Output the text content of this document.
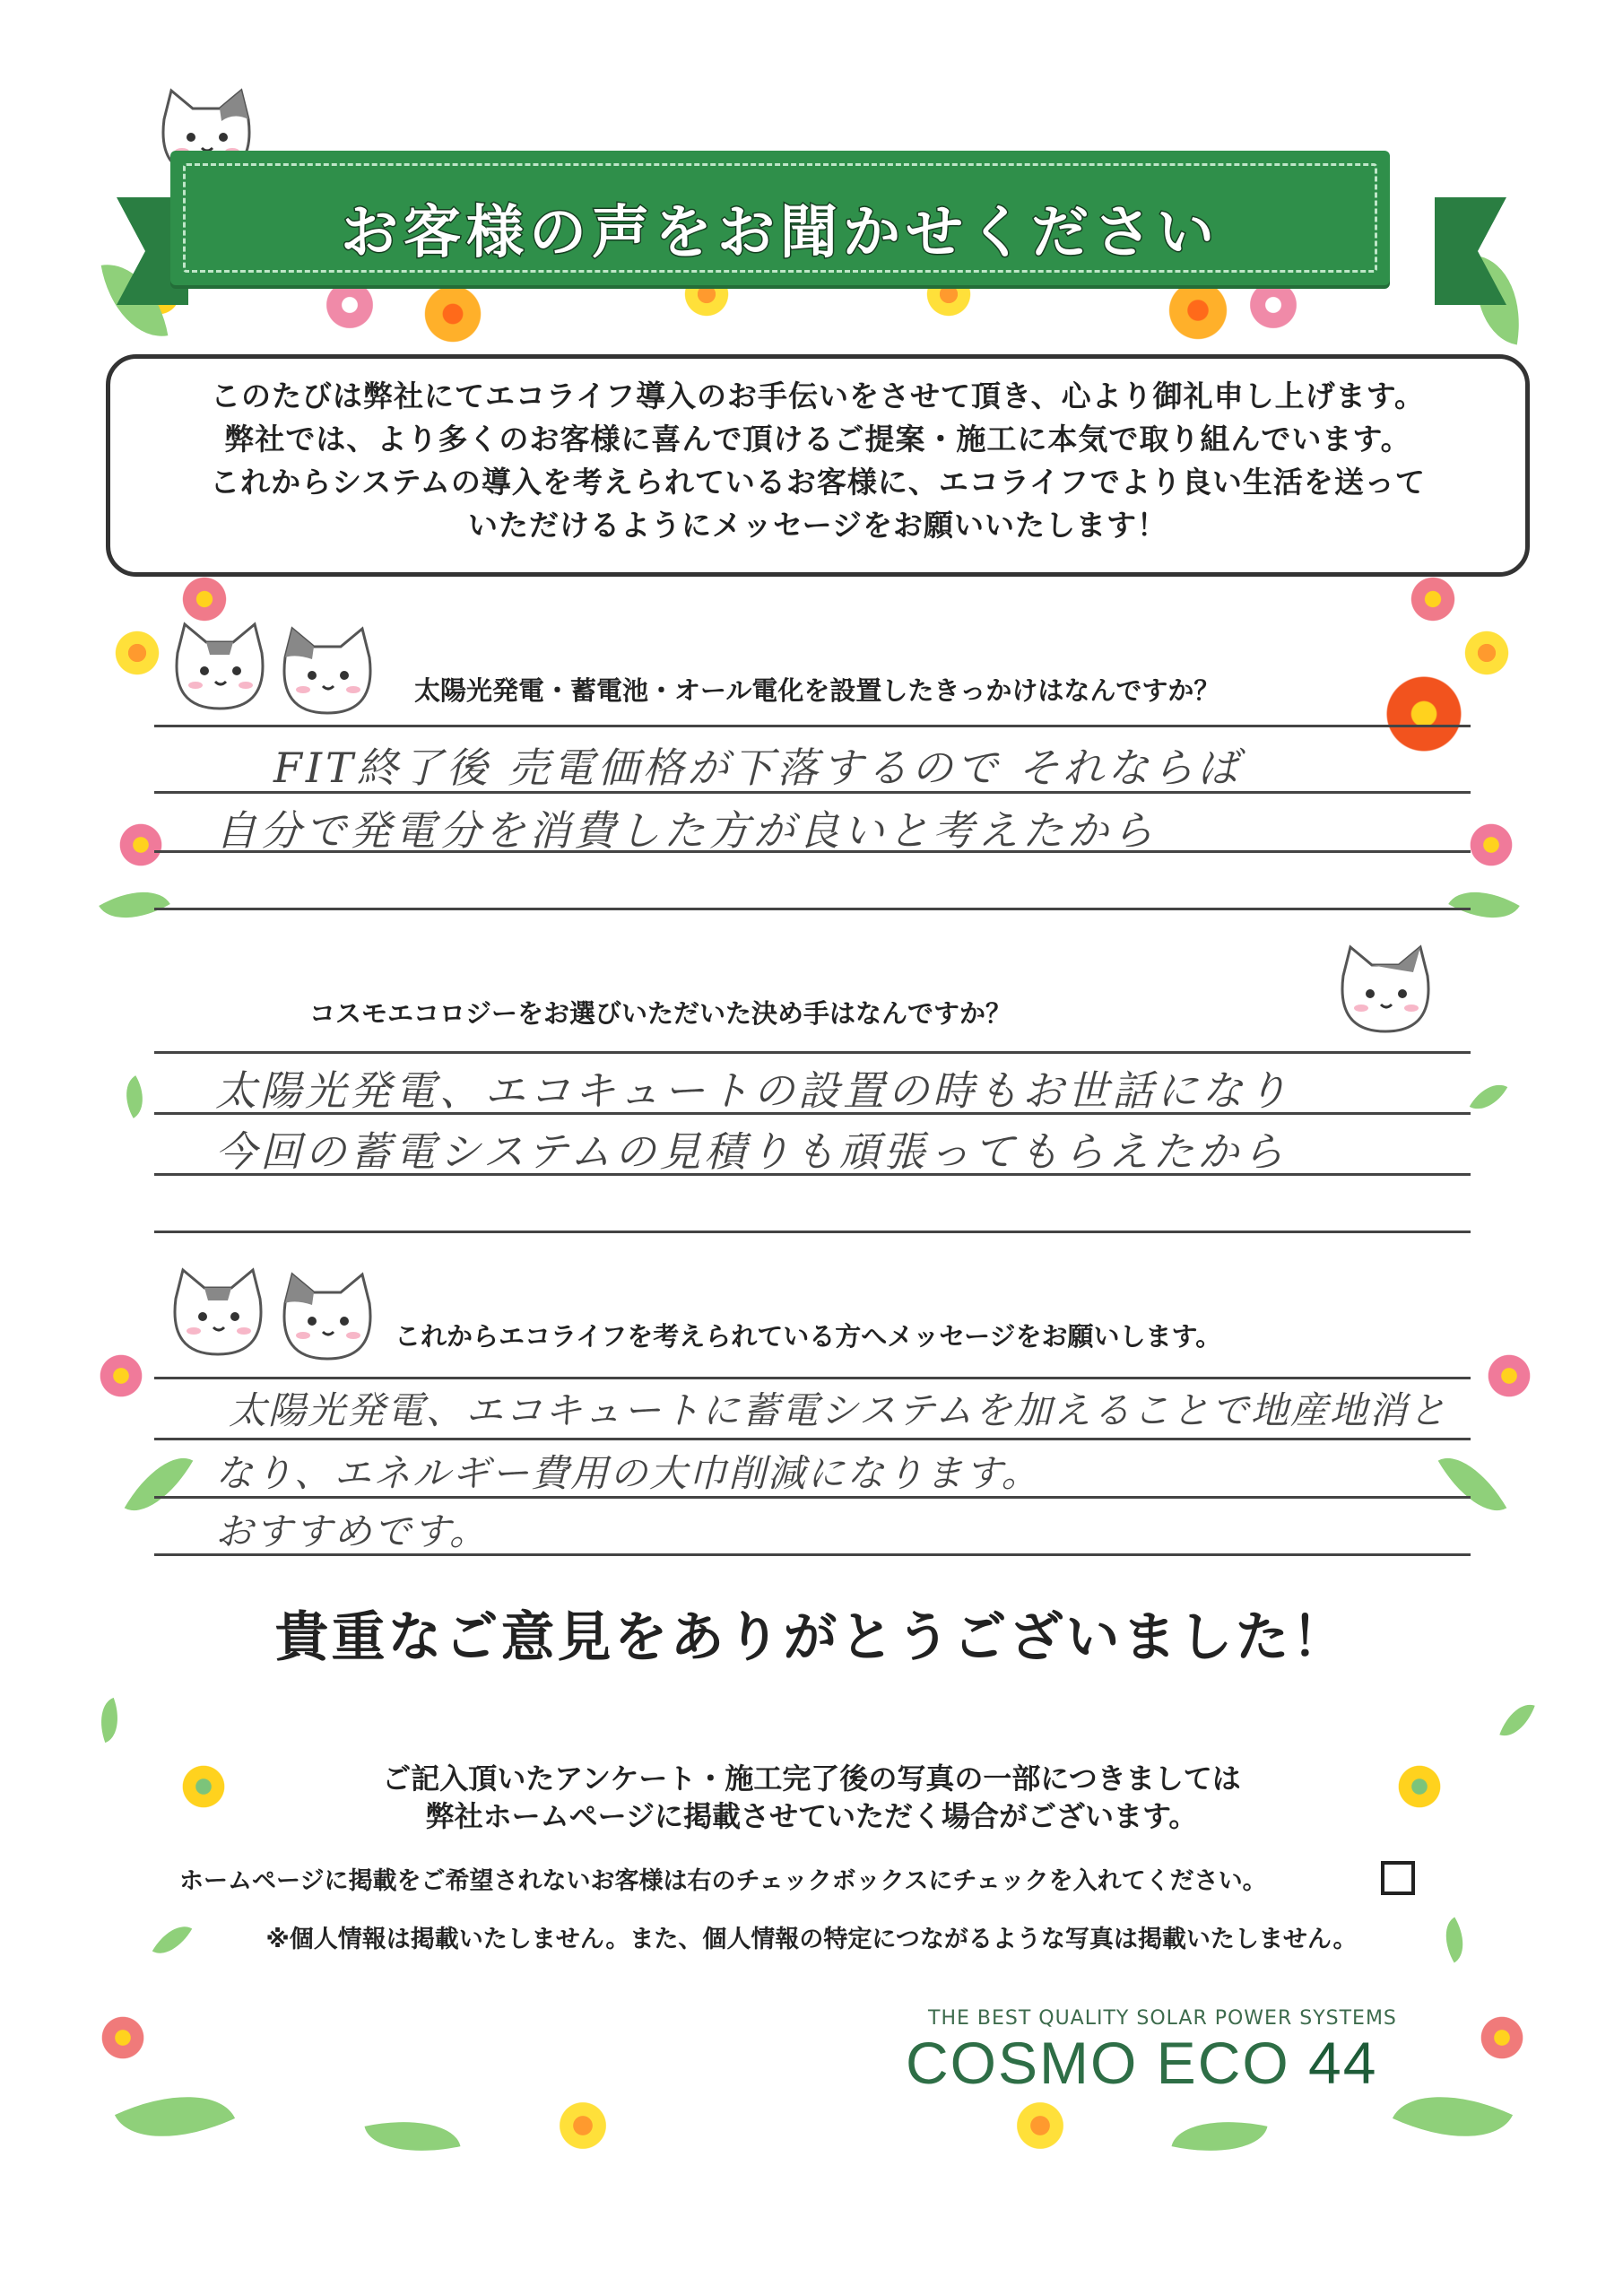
お客様の声をお聞かせください
このたびは弊社にてエコライフ導入のお手伝いをさせて頂き、心より御礼申し上げます。
弊社では、より多くのお客様に喜んで頂けるご提案・施工に本気で取り組んでいます。
これからシステムの導入を考えられているお客様に、エコライフでより良い生活を送って
いただけるようにメッセージをお願いいたします！
太陽光発電・蓄電池・オール電化を設置したきっかけはなんですか？
FIT終了後 売電価格が下落するので それならば
自分で発電分を消費した方が良いと考えたから
コスモエコロジーをお選びいただいた決め手はなんですか？
太陽光発電、エコキュートの設置の時もお世話になり
今回の蓄電システムの見積りも頑張ってもらえたから
これからエコライフを考えられている方へメッセージをお願いします。
太陽光発電、エコキュートに蓄電システムを加えることで地産地消と
なり、エネルギー費用の大巾削減になります。
おすすめです。
貴重なご意見をありがとうございました！
ご記入頂いたアンケート・施工完了後の写真の一部につきましては
弊社ホームページに掲載させていただく場合がございます。
ホームページに掲載をご希望されないお客様は右のチェックボックスにチェックを入れてください。
※個人情報は掲載いたしません。また、個人情報の特定につながるような写真は掲載いたしません。
THE BEST QUALITY SOLAR POWER SYSTEMS
COSMO ECO 44
